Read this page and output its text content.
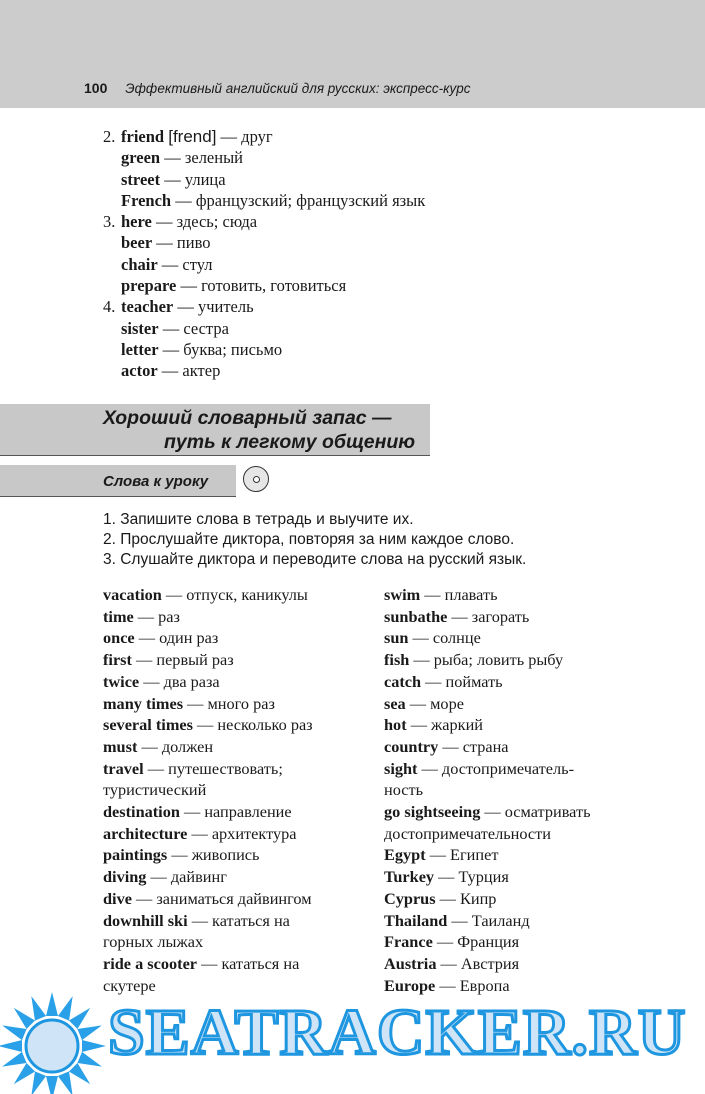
100 Эффективный английский для русских: экспресс-курс
2. friend [frend] — друг
green — зеленый
street — улица
French — французский; французский язык
3. here — здесь; сюда
beer — пиво
chair — стул
prepare — готовить, готовиться
4. teacher — учитель
sister — сестра
letter — буква; письмо
actor — актер
Хороший словарный запас —
путь к легкому общению
Слова к уроку
1. Запишите слова в тетрадь и выучите их.
2. Прослушайте диктора, повторяя за ним каждое слово.
3. Слушайте диктора и переводите слова на русский язык.
vacation — отпуск, каникулы
time — раз
once — один раз
first — первый раз
twice — два раза
many times — много раз
several times — несколько раз
must — должен
travel — путешествовать;
туристический
destination — направление
architecture — архитектура
paintings — живопись
diving — дайвинг
dive — заниматься дайвингом
downhill ski — кататься на
горных лыжах
ride a scooter — кататься на
скутере
swim — плавать
sunbathe — загорать
sun — солнце
fish — рыба; ловить рыбу
catch — поймать
sea — море
hot — жаркий
country — страна
sight — достопримечатель-
ность
go sightseeing — осматривать
достопримечательности
Egypt — Египет
Turkey — Турция
Cyprus — Кипр
Thailand — Таиланд
France — Франция
Austria — Австрия
Europe — Европа
SEATRACKER.RU
